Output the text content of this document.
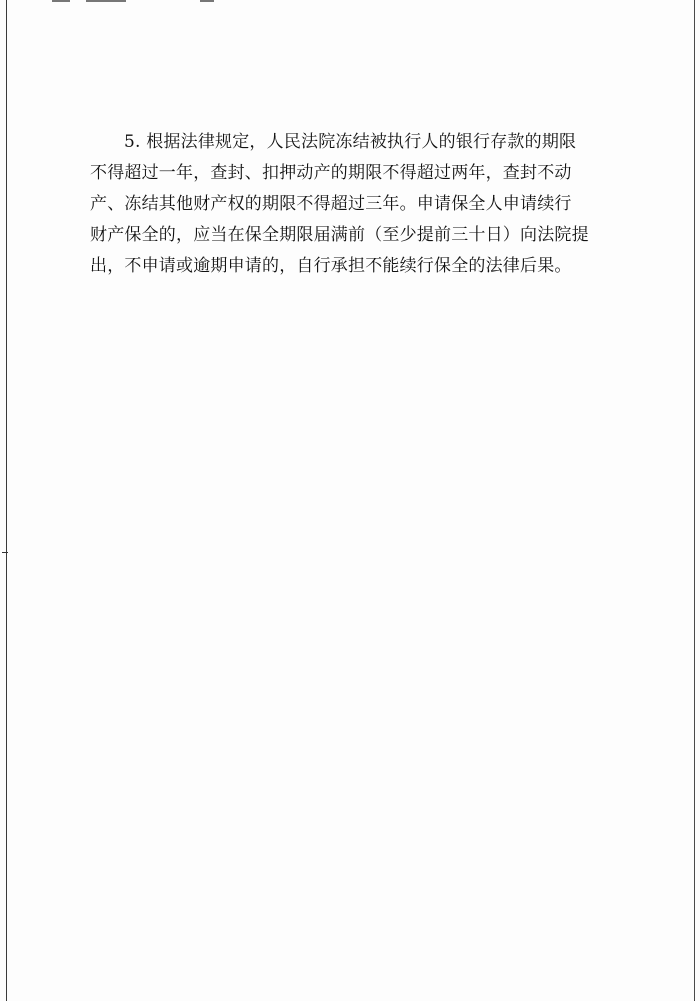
5. 根据法律规定，人民法院冻结被执行人的银行存款的期限
不得超过一年，查封、扣押动产的期限不得超过两年，查封不动
产、冻结其他财产权的期限不得超过三年。申请保全人申请续行
财产保全的，应当在保全期限届满前（至少提前三十日）向法院提
出，不申请或逾期申请的，自行承担不能续行保全的法律后果。
